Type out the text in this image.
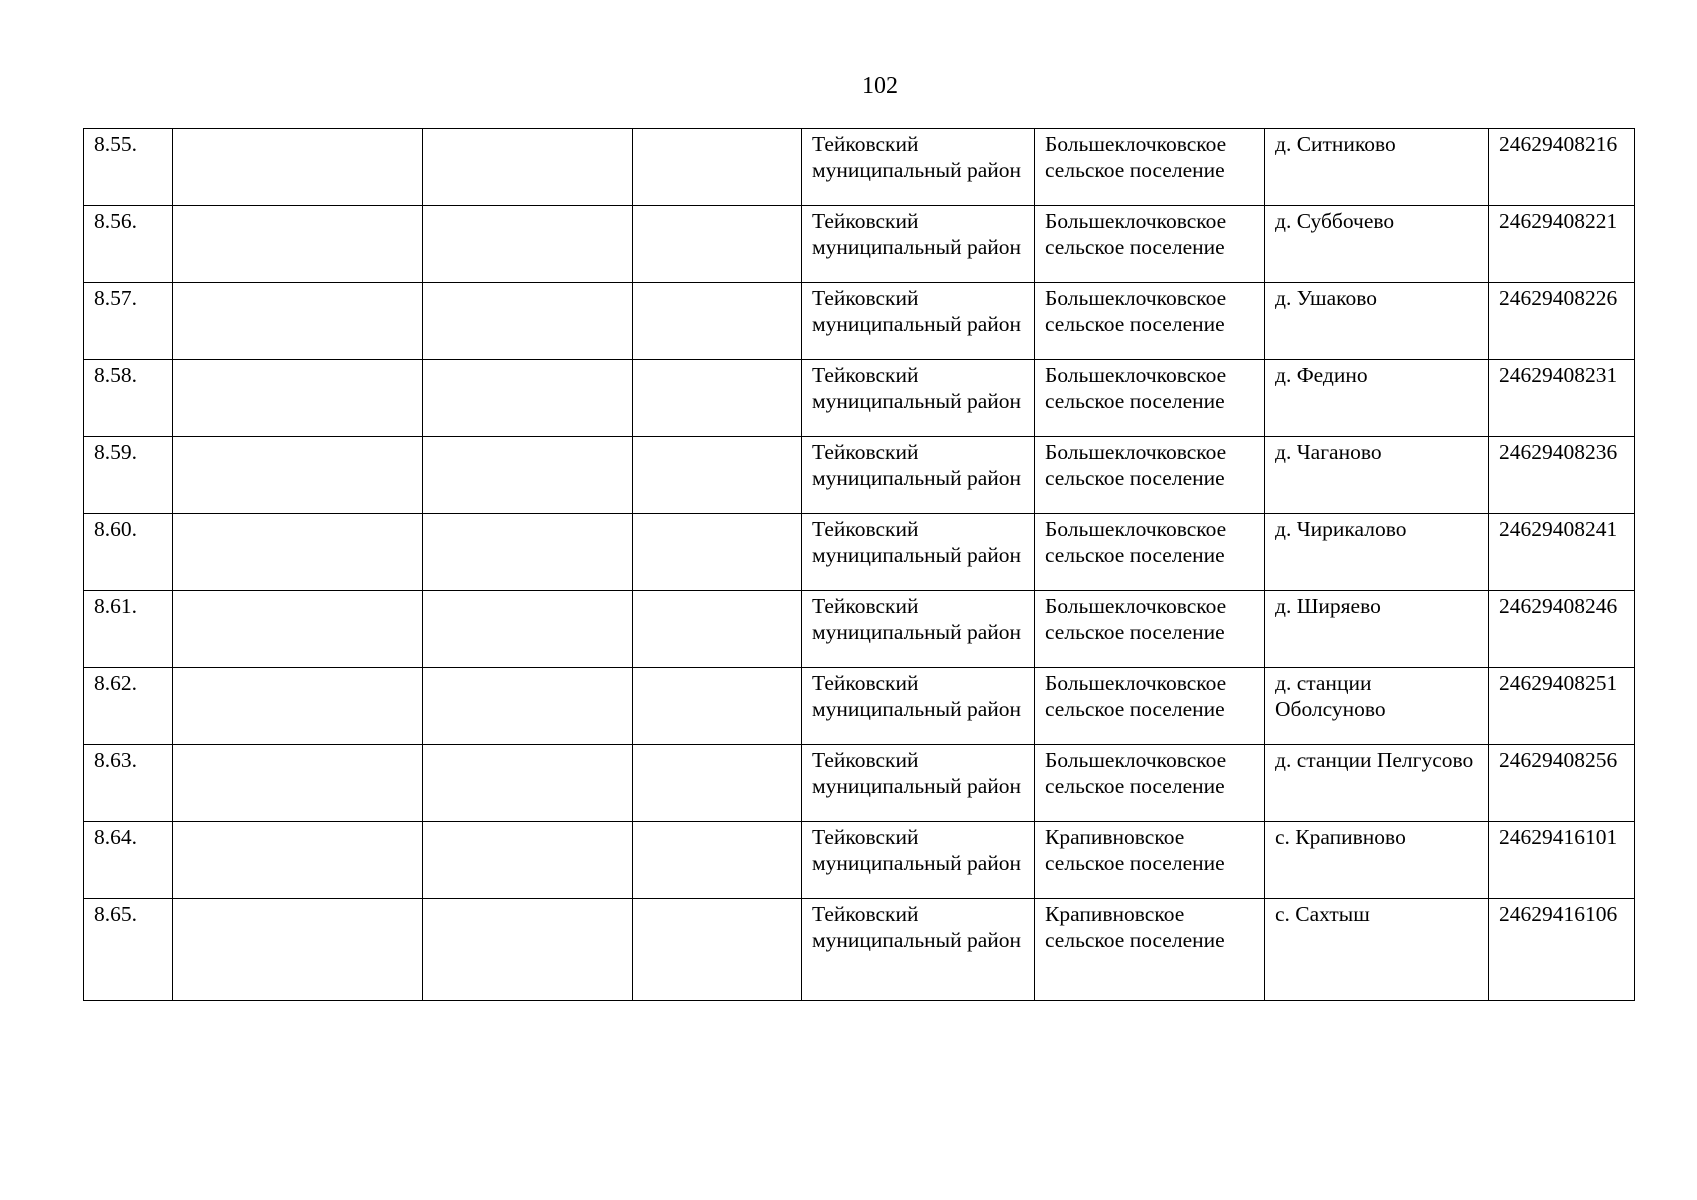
102
8.55.				Тейковский муниципальный район	Большеклочковское сельское поселение	д. Ситниково	24629408216
8.56.				Тейковский муниципальный район	Большеклочковское сельское поселение	д. Суббочево	24629408221
8.57.				Тейковский муниципальный район	Большеклочковское сельское поселение	д. Ушаково	24629408226
8.58.				Тейковский муниципальный район	Большеклочковское сельское поселение	д. Федино	24629408231
8.59.				Тейковский муниципальный район	Большеклочковское сельское поселение	д. Чаганово	24629408236
8.60.				Тейковский муниципальный район	Большеклочковское сельское поселение	д. Чирикалово	24629408241
8.61.				Тейковский муниципальный район	Большеклочковское сельское поселение	д. Ширяево	24629408246
8.62.				Тейковский муниципальный район	Большеклочковское сельское поселение	д. станции Оболсуново	24629408251
8.63.				Тейковский муниципальный район	Большеклочковское сельское поселение	д. станции Пелгусово	24629408256
8.64.				Тейковский муниципальный район	Крапивновское сельское поселение	с. Крапивново	24629416101
8.65.				Тейковский муниципальный район	Крапивновское сельское поселение	с. Сахтыш	24629416106
